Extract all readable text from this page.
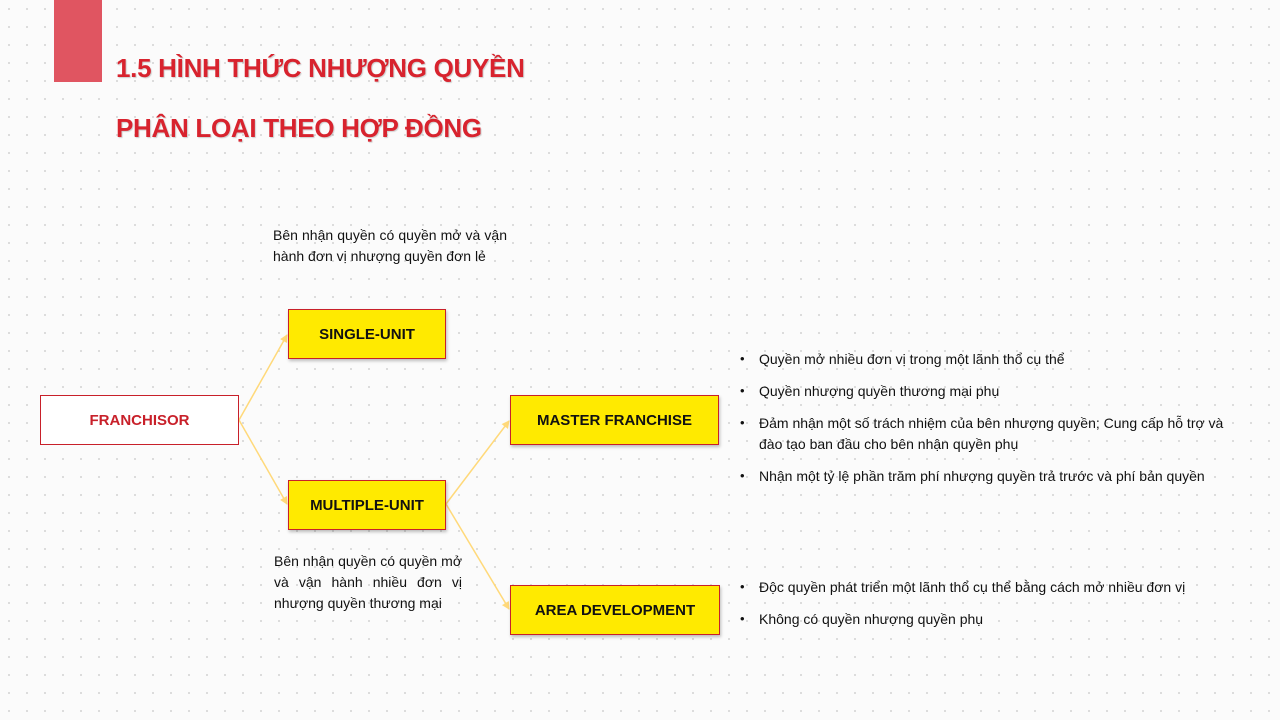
1.5 HÌNH THỨC NHƯỢNG QUYỀN
PHÂN LOẠI THEO HỢP ĐỒNG
FRANCHISOR
SINGLE-UNIT
MULTIPLE-UNIT
MASTER FRANCHISE
AREA DEVELOPMENT

Bên nhận quyền có quyền mở và vận hành đơn vị nhượng quyền đơn lẻ

Bên nhận quyền có quyền mở và vận hành nhiều đơn vị nhượng quyền thương mại

• Quyền mở nhiều đơn vị trong một lãnh thổ cụ thể
• Quyền nhượng quyền thương mại phụ
• Đảm nhận một số trách nhiệm của bên nhượng quyền; Cung cấp hỗ trợ và đào tạo ban đầu cho bên nhận quyền phụ
• Nhận một tỷ lệ phần trăm phí nhượng quyền trả trước và phí bản quyền
• Độc quyền phát triển một lãnh thổ cụ thể bằng cách mở nhiều đơn vị
• Không có quyền nhượng quyền phụ
